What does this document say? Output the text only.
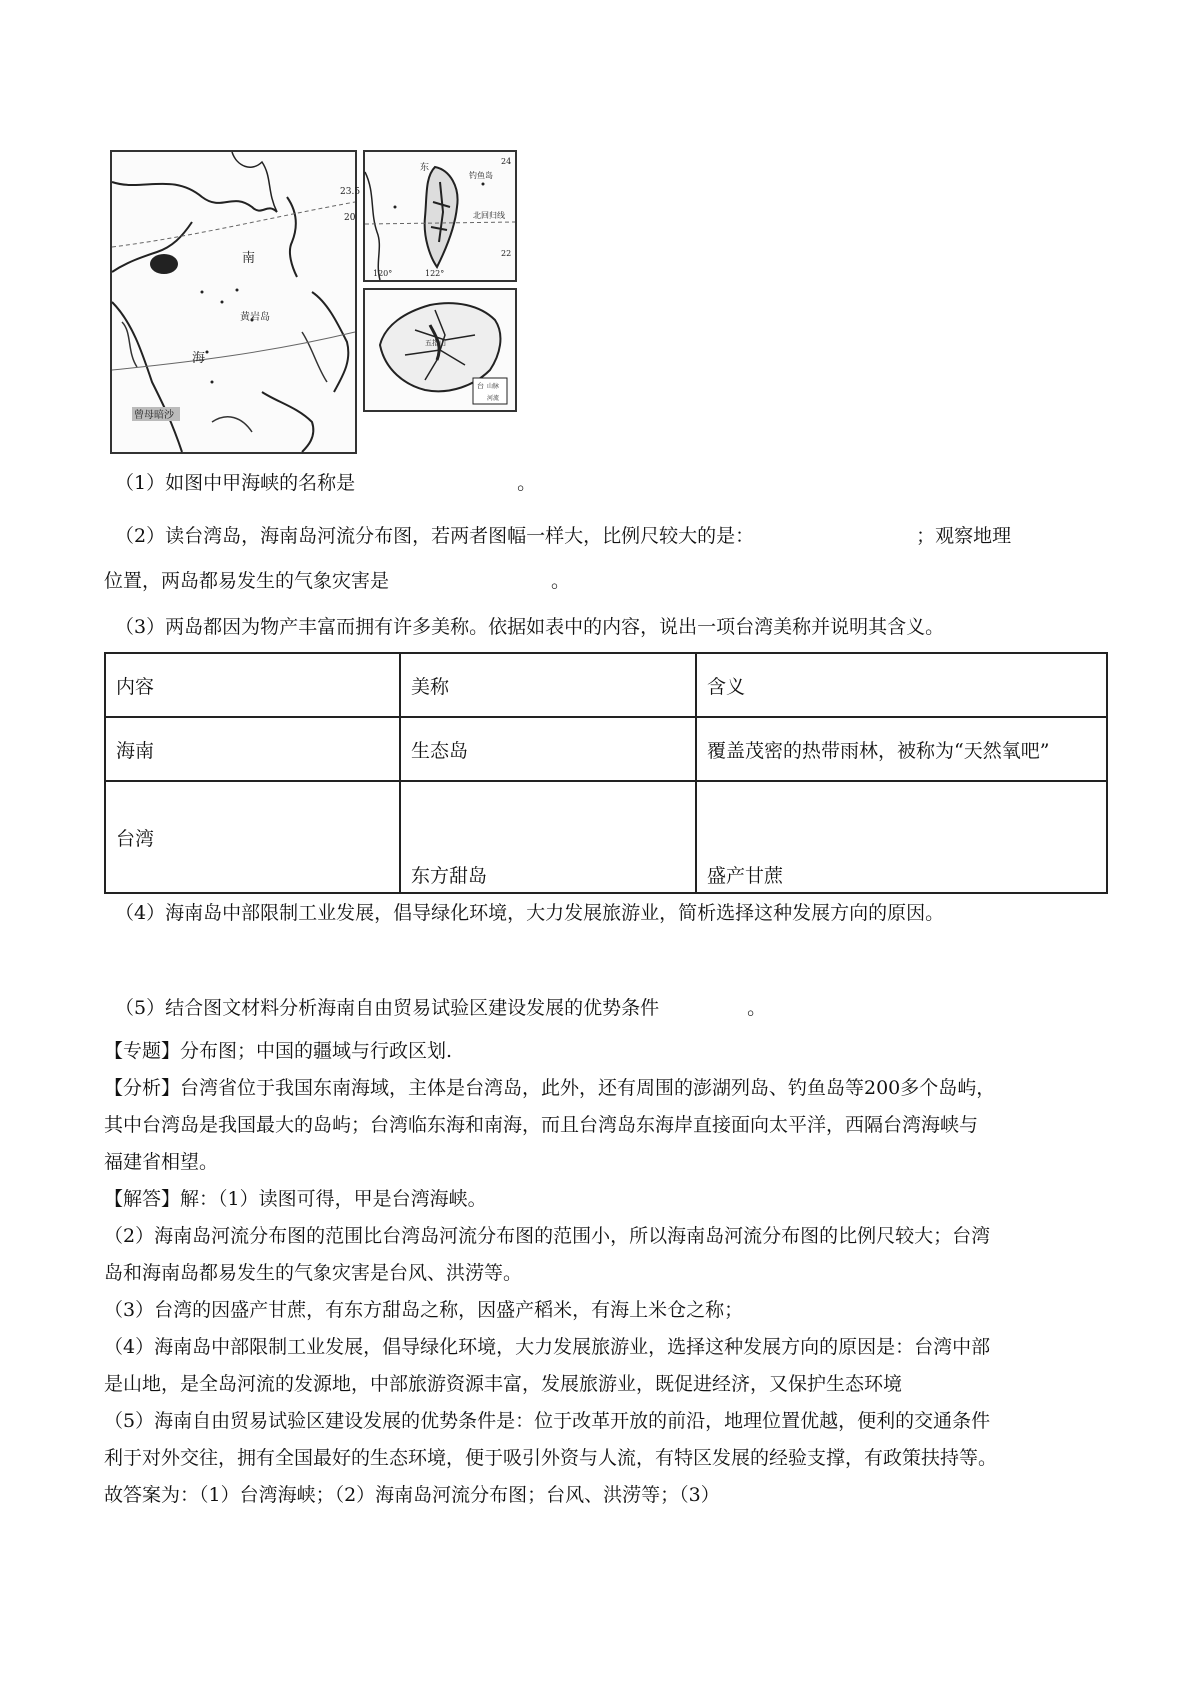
23.5
20
南
黄岩岛
海
曾母暗沙
东
钓鱼岛
24
北回归线
22
120°	122°
五指山
台 山脉
河流
（1）如图中甲海峡的名称是	。
（2）读台湾岛，海南岛河流分布图，若两者图幅一样大，比例尺较大的是：	；观察地理
位置，两岛都易发生的气象灾害是	。
（3）两岛都因为物产丰富而拥有许多美称。依据如表中的内容，说出一项台湾美称并说明其含义。
内容	美称	含义
海南	生态岛	覆盖茂密的热带雨林，被称为“天然氧吧”
台湾	东方甜岛	盛产甘蔗
（4）海南岛中部限制工业发展，倡导绿化环境，大力发展旅游业，简析选择这种发展方向的原因。
（5）结合图文材料分析海南自由贸易试验区建设发展的优势条件	。
【专题】分布图；中国的疆域与行政区划.
【分析】台湾省位于我国东南海域，主体是台湾岛，此外，还有周围的澎湖列岛、钓鱼岛等200多个岛屿，
其中台湾岛是我国最大的岛屿；台湾临东海和南海，而且台湾岛东海岸直接面向太平洋，西隔台湾海峡与
福建省相望。
【解答】解：（1）读图可得，甲是台湾海峡。
（2）海南岛河流分布图的范围比台湾岛河流分布图的范围小，所以海南岛河流分布图的比例尺较大；台湾
岛和海南岛都易发生的气象灾害是台风、洪涝等。
（3）台湾的因盛产甘蔗，有东方甜岛之称，因盛产稻米，有海上米仓之称；
（4）海南岛中部限制工业发展，倡导绿化环境，大力发展旅游业，选择这种发展方向的原因是：台湾中部
是山地，是全岛河流的发源地，中部旅游资源丰富，发展旅游业，既促进经济，又保护生态环境
（5）海南自由贸易试验区建设发展的优势条件是：位于改革开放的前沿，地理位置优越，便利的交通条件
利于对外交往，拥有全国最好的生态环境，便于吸引外资与人流，有特区发展的经验支撑，有政策扶持等。
故答案为：（1）台湾海峡；（2）海南岛河流分布图；台风、洪涝等；（3）
